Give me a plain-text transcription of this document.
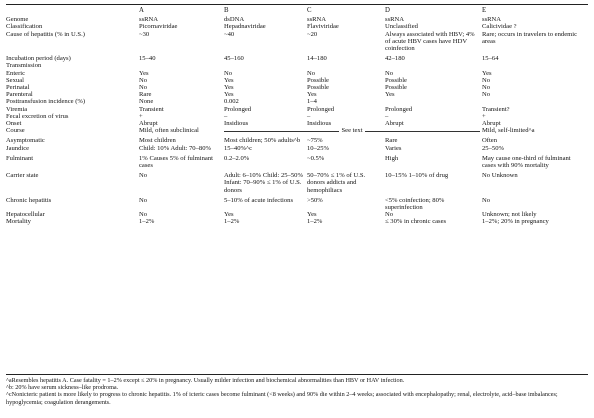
	A	B	C	D	E
Genome	ssRNA	dsDNA	ssRNA	ssRNA	ssRNA
Classification	Picornaviridae	Hepadnaviridae	Flaviviridae	Unclassified	Calicividae ?
Cause of hepatitis (% in U.S.)	~30	~40	~20	Always associated with HBV; 4% of acute HBV cases have HDV coinfection	Rare; occurs in travelers to endemic areas
Incubation period (days)	15–40	45–160	14–180	42–180	15–64
Transmission					
Enteric	Yes	No	No	No	Yes
Sexual	No	Yes	Possible	Possible	No
Perinatal	No	Yes	Possible	Possible	No
Parenteral	Rare	Yes	Yes	Yes	No
Posttransfusion incidence (%)	None	0.002	1–4		
Viremia	Transient	Prolonged	Prolonged	Prolonged	Transient?
Fecal excretion of virus	+	–	–	–	+
Onset	Abrupt	Insidious	Insidious	Abrupt	Abrupt
Course	Mild, often subclinical	See text			Mild, self-limited^a
Asymptomatic	Most children	Most children; 50% adults^b	~75%	Rare	Often
Jaundice	Child: 10% Adult: 70–80%	15–40%^c	10–25%	Varies	25–50%
Fulminant	1% Causes 5% of fulminant cases	0.2–2.0%	~0.5%	High	May cause one-third of fulminant cases with 90% mortality
Carrier state	No	Adult: 6–10% Child: 25–50% Infant: 70–90% ≤ 1% of U.S. donors	50–70% ≤ 1% of U.S. donors addicts and hemophiliacs	10–15% 1–10% of drug	No Unknown
Chronic hepatitis	No	5–10% of acute infections	>50%	<5% coinfection; 80% superinfection	No
Hepatocellular	No	Yes	Yes	No	Unknown; not likely
Mortality	1–2%	1–2%	1–2%	≤ 30% in chronic cases	1–2%; 20% in pregnancy
^aResembles hepatitis A. Case fatality = 1–2% except ≤ 20% in pregnancy. Usually milder infection and biochemical abnormalities than HBV or HAV infection.
^b: 20% have serum sickness–like prodroma.
^cNonicteric patient is more likely to progress to chronic hepatitis. 1% of icteric cases become fulminant (<8 weeks) and 90% die within 2–4 weeks; associated with encephalopathy; renal, electrolyte, acid–base imbalances; hypoglycemia; coagulation derangements.
